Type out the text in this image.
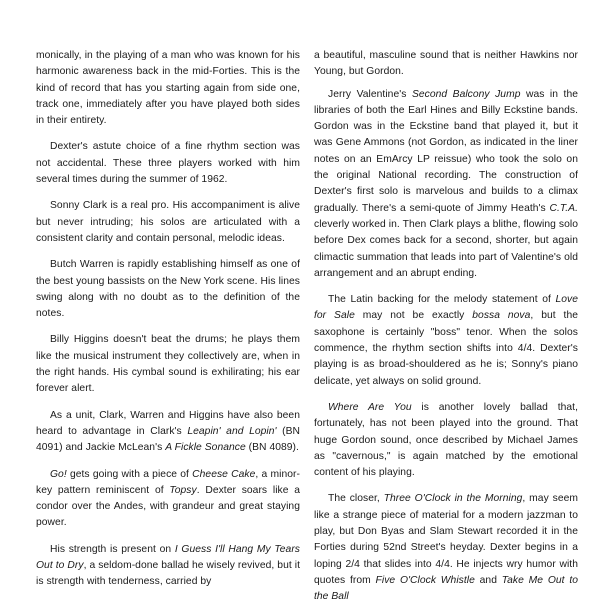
monically, in the playing of a man who was known for his harmonic awareness back in the mid-Forties. This is the kind of record that has you starting again from side one, track one, immediately after you have played both sides in their entirety.

Dexter's astute choice of a fine rhythm section was not accidental. These three players worked with him several times during the summer of 1962.

Sonny Clark is a real pro. His accompaniment is alive but never intruding; his solos are articulated with a consistent clarity and contain personal, melodic ideas.

Butch Warren is rapidly establishing himself as one of the best young bassists on the New York scene. His lines swing along with no doubt as to the definition of the notes.

Billy Higgins doesn't beat the drums; he plays them like the musical instrument they collectively are, when in the right hands. His cymbal sound is exhilirating; his ear forever alert.

As a unit, Clark, Warren and Higgins have also been heard to advantage in Clark's Leapin' and Lopin' (BN 4091) and Jackie McLean's A Fickle Sonance (BN 4089).

Go! gets going with a piece of Cheese Cake, a minor-key pattern reminiscent of Topsy. Dexter soars like a condor over the Andes, with grandeur and great staying power.

His strength is present on I Guess I'll Hang My Tears Out to Dry, a seldom-done ballad he wisely revived, but it is strength with tenderness, carried by

a beautiful, masculine sound that is neither Hawkins nor Young, but Gordon.

Jerry Valentine's Second Balcony Jump was in the libraries of both the Earl Hines and Billy Eckstine bands. Gordon was in the Eckstine band that played it, but it was Gene Ammons (not Gordon, as indicated in the liner notes on an EmArcy LP reissue) who took the solo on the original National recording. The construction of Dexter's first solo is marvelous and builds to a climax gradually. There's a semi-quote of Jimmy Heath's C.T.A. cleverly worked in. Then Clark plays a blithe, flowing solo before Dex comes back for a second, shorter, but again climactic summation that leads into part of Valentine's old arrangement and an abrupt ending.

The Latin backing for the melody statement of Love for Sale may not be exactly bossa nova, but the saxophone is certainly "boss" tenor. When the solos commence, the rhythm section shifts into 4/4. Dexter's playing is as broad-shouldered as he is; Sonny's piano delicate, yet always on solid ground.

Where Are You is another lovely ballad that, fortunately, has not been played into the ground. That huge Gordon sound, once described by Michael James as "cavernous," is again matched by the emotional content of his playing.

The closer, Three O'Clock in the Morning, may seem like a strange piece of material for a modern jazzman to play, but Don Byas and Slam Stewart recorded it in the Forties during 52nd Street's heyday. Dexter begins in a loping 2/4 that slides into 4/4. He injects wry humor with quotes from Five O'Clock Whistle and Take Me Out to the Ball
